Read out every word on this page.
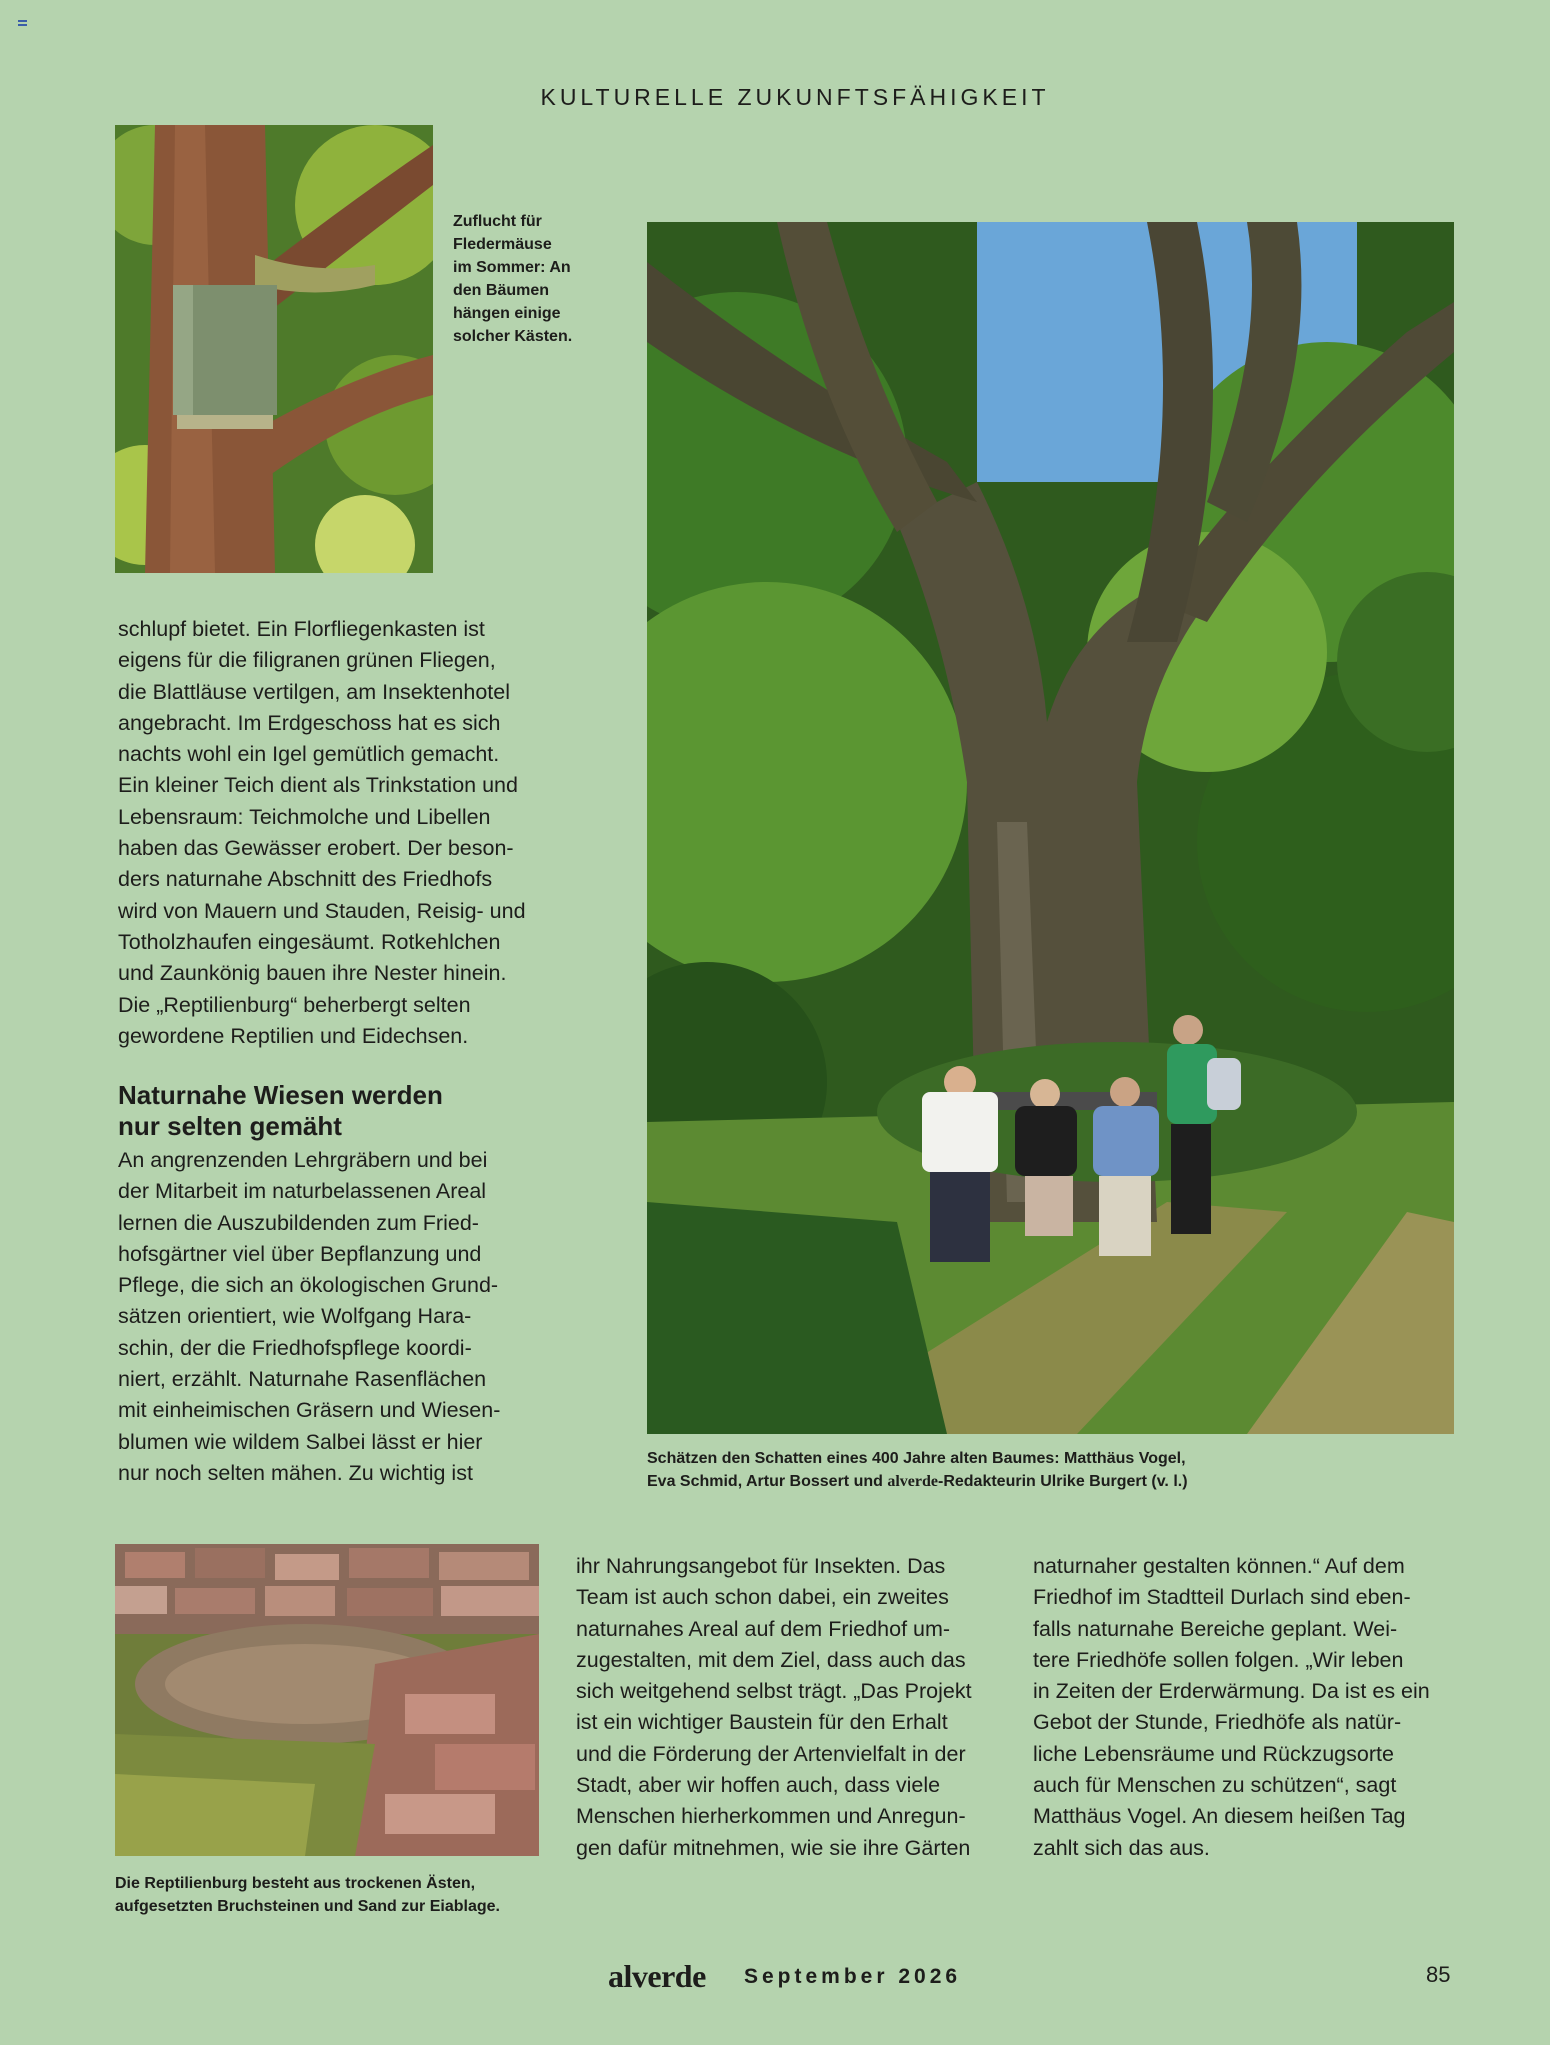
KULTURELLE ZUKUNFTSFÄHIGKEIT
Zuflucht für
Fledermäuse
im Sommer: An
den Bäumen
hängen einige
solcher Kästen.
Schätzen den Schatten eines 400 Jahre alten Baumes: Matthäus Vogel,
Eva Schmid, Artur Bossert und alverde-Redakteurin Ulrike Burgert (v. l.)
schlupf bietet. Ein Florfliegenkasten ist
eigens für die filigranen grünen Fliegen,
die Blattläuse vertilgen, am Insektenhotel
angebracht. Im Erdgeschoss hat es sich
nachts wohl ein Igel gemütlich gemacht.
Ein kleiner Teich dient als Trinkstation und
Lebensraum: Teichmolche und Libellen
haben das Gewässer erobert. Der beson-
ders naturnahe Abschnitt des Friedhofs
wird von Mauern und Stauden, Reisig- und
Totholzhaufen eingesäumt. Rotkehlchen
und Zaunkönig bauen ihre Nester hinein.
Die „Reptilienburg“ beherbergt selten
gewordene Reptilien und Eidechsen.
Naturnahe Wiesen werden
nur selten gemäht
An angrenzenden Lehrgräbern und bei
der Mitarbeit im naturbelassenen Areal
lernen die Auszubildenden zum Fried-
hofsgärtner viel über Bepflanzung und
Pflege, die sich an ökologischen Grund-
sätzen orientiert, wie Wolfgang Hara-
schin, der die Friedhofspflege koordi-
niert, erzählt. Naturnahe Rasenflächen
mit einheimischen Gräsern und Wiesen-
blumen wie wildem Salbei lässt er hier
nur noch selten mähen. Zu wichtig ist
Die Reptilienburg besteht aus trockenen Ästen,
aufgesetzten Bruchsteinen und Sand zur Eiablage.
ihr Nahrungsangebot für Insekten. Das
Team ist auch schon dabei, ein zweites
naturnahes Areal auf dem Friedhof um-
zugestalten, mit dem Ziel, dass auch das
sich weitgehend selbst trägt. „Das Projekt
ist ein wichtiger Baustein für den Erhalt
und die Förderung der Artenvielfalt in der
Stadt, aber wir hoffen auch, dass viele
Menschen hierherkommen und Anregun-
gen dafür mitnehmen, wie sie ihre Gärten
naturnaher gestalten können.“ Auf dem
Friedhof im Stadtteil Durlach sind eben-
falls naturnahe Bereiche geplant. Wei-
tere Friedhöfe sollen folgen. „Wir leben
in Zeiten der Erderwärmung. Da ist es ein
Gebot der Stunde, Friedhöfe als natür-
liche Lebensräume und Rückzugsorte
auch für Menschen zu schützen“, sagt
Matthäus Vogel. An diesem heißen Tag
zahlt sich das aus.
alverde September 2026	85
